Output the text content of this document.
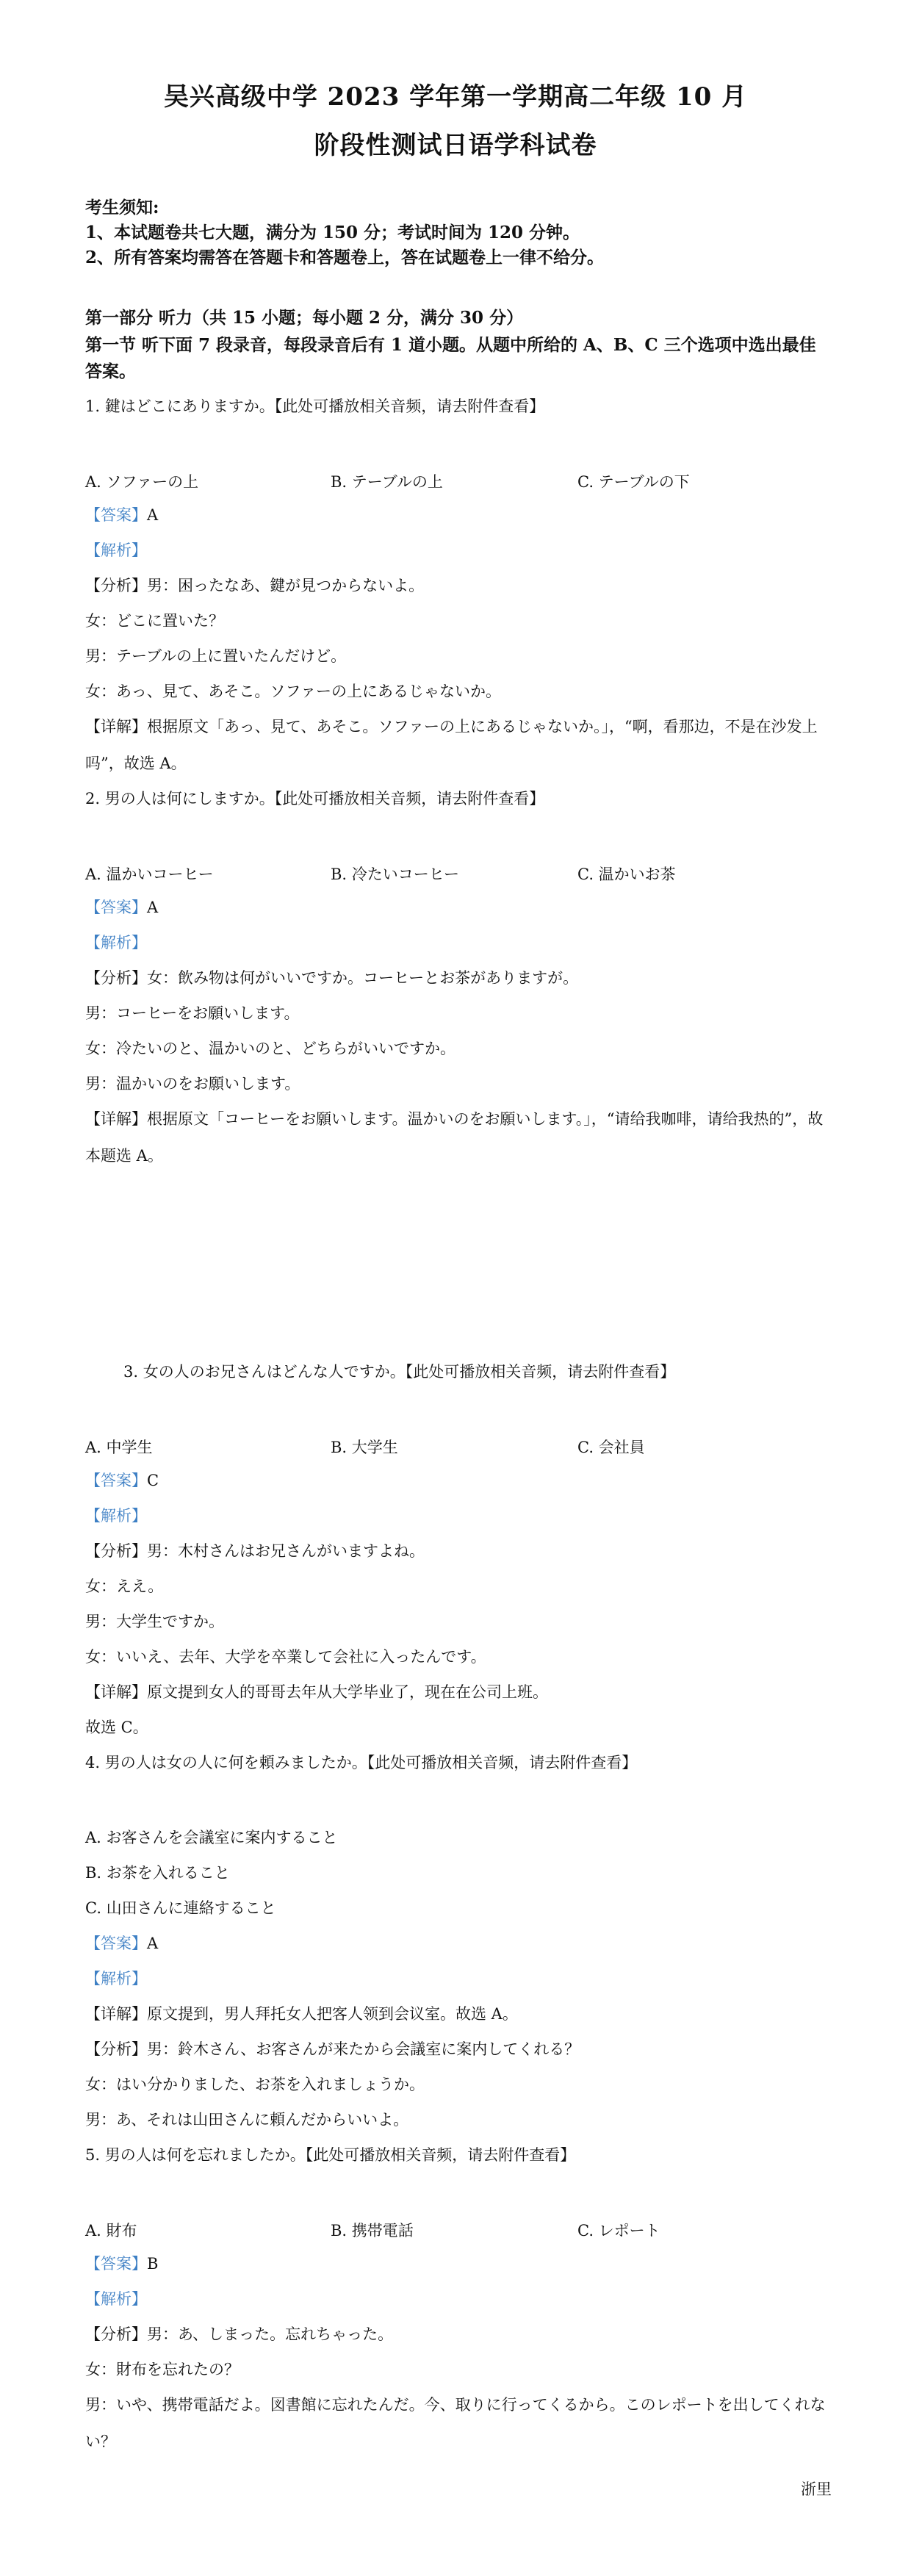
吴兴高级中学 2023 学年第一学期高二年级 10 月
阶段性测试日语学科试卷
考生须知:
1、本试题卷共七大题，满分为 150 分；考试时间为 120 分钟。
2、所有答案均需答在答题卡和答题卷上，答在试题卷上一律不给分。
第一部分 听力（共 15 小题；每小题 2 分，满分 30 分）
第一节 听下面 7 段录音，每段录音后有 1 道小题。从题中所给的 A、B、C 三个选项中选出最佳答案。
1. 鍵はどこにありますか。【此处可播放相关音频，请去附件查看】
A. ソファーの上	B. テーブルの上	C. テーブルの下
【答案】A
【解析】
【分析】男：困ったなあ、鍵が見つからないよ。
女：どこに置いた？
男：テーブルの上に置いたんだけど。
女：あっ、見て、あそこ。ソファーの上にあるじゃないか。
【详解】根据原文「あっ、見て、あそこ。ソファーの上にあるじゃないか。」，“啊，看那边，不是在沙发上吗”，故选 A。
2. 男の人は何にしますか。【此处可播放相关音频，请去附件查看】
A. 温かいコーヒー	B. 冷たいコーヒー	C. 温かいお茶
【答案】A
【解析】
【分析】女：飲み物は何がいいですか。コーヒーとお茶がありますが。
男：コーヒーをお願いします。
女：冷たいのと、温かいのと、どちらがいいですか。
男：温かいのをお願いします。
【详解】根据原文「コーヒーをお願いします。温かいのをお願いします。」，“请给我咖啡，请给我热的”，故本题选 A。
3. 女の人のお兄さんはどんな人ですか。【此处可播放相关音频，请去附件查看】
A. 中学生	B. 大学生	C. 会社員
【答案】C
【解析】
【分析】男：木村さんはお兄さんがいますよね。
女：ええ。
男：大学生ですか。
女：いいえ、去年、大学を卒業して会社に入ったんです。
【详解】原文提到女人的哥哥去年从大学毕业了，现在在公司上班。
故选 C。
4. 男の人は女の人に何を頼みましたか。【此处可播放相关音频，请去附件查看】
A. お客さんを会議室に案内すること
B. お茶を入れること
C. 山田さんに連絡すること
【答案】A
【解析】
【详解】原文提到，男人拜托女人把客人领到会议室。故选 A。
【分析】男：鈴木さん、お客さんが来たから会議室に案内してくれる？
女：はい分かりました、お茶を入れましょうか。
男：あ、それは山田さんに頼んだからいいよ。
5. 男の人は何を忘れましたか。【此处可播放相关音频，请去附件查看】
A. 財布	B. 携帯電話	C. レポート
【答案】B
【解析】
【分析】男：あ、しまった。忘れちゃった。
女：財布を忘れたの？
男：いや、携帯電話だよ。図書館に忘れたんだ。今、取りに行ってくるから。このレポートを出してくれない？
浙里
